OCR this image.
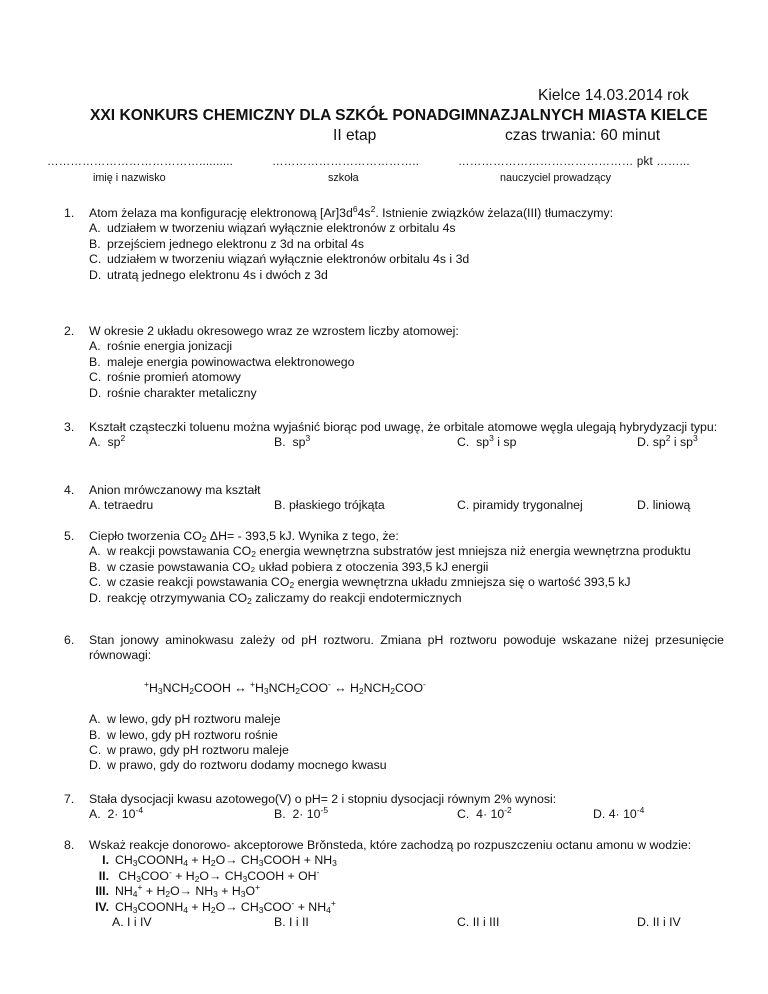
Kielce 14.03.2014 rok
XXI KONKURS CHEMICZNY DLA SZKÓŁ PONADGIMNAZJALNYCH MIASTA KIELCE
II etap	czas trwania: 60 minut
…………………………………..........	………………………………..	……………………………………… pkt ……...
imię i nazwisko	szkoła	nauczyciel prowadzący
1. Atom żelaza ma konfigurację elektronową $[Ar]3d^64s^2$. Istnienie związków żelaza(III) tłumaczymy:
A. udziałem w tworzeniu wiązań wyłącznie elektronów z orbitalu 4s
B. przejściem jednego elektronu z 3d na orbital 4s
C. udziałem w tworzeniu wiązań wyłącznie elektronów orbitalu 4s i 3d
D. utratą jednego elektronu 4s i dwóch z 3d
2. W okresie 2 układu okresowego wraz ze wzrostem liczby atomowej:
A. rośnie energia jonizacji
B. maleje energia powinowactwa elektronowego
C. rośnie promień atomowy
D. rośnie charakter metaliczny
3. Kształt cząsteczki toluenu można wyjaśnić biorąc pod uwagę, że orbitale atomowe węgla ulegają hybrydyzacji typu:
A.  $sp^2$	B.  $sp^3$	C.  $sp^3$ i sp	D. $sp^2$ i $sp^3$
4. Anion mrówczanowy ma kształt
A. tetraedru	B. płaskiego trójkąta	C. piramidy trygonalnej	D. liniową
5. Ciepło tworzenia $CO_2$ ΔH= - 393,5 kJ. Wynika z tego, że:
A. w reakcji powstawania $CO_2$ energia wewnętrzna substratów jest mniejsza niż energia wewnętrzna produktu
B. w czasie powstawania CO₂ układ pobiera z otoczenia 393,5 kJ energii
C. w czasie reakcji powstawania $CO_2$ energia wewnętrzna układu zmniejsza się o wartość 393,5 kJ
D. reakcję otrzymywania $CO_2$ zaliczamy do reakcji endotermicznych
6. Stan jonowy aminokwasu zależy od pH roztworu. Zmiana pH roztworu powoduje wskazane niżej przesunięcie równowagi:
$^+H_3NCH_2COOH$ ↔ $^+H_3NCH_2COO^-$ ↔ $H_2NCH_2COO^-$
A. w lewo, gdy pH roztworu maleje
B. w lewo, gdy pH roztworu rośnie
C. w prawo, gdy pH roztworu maleje
D. w prawo, gdy do roztworu dodamy mocnego kwasu
7. Stała dysocjacji kwasu azotowego(V) o pH= 2 i stopniu dysocjacji równym 2% wynosi:
A.  $2\cdot 10^{-4}$	B.  $2\cdot 10^{-5}$	C.  $4\cdot 10^{-2}$	D. $4\cdot 10^{-4}$
8. Wskaż reakcje donorowo- akceptorowe Brǒnsteda, które zachodzą po rozpuszczeniu octanu amonu w wodzie:
I. $CH_3COONH_4 + H_2O\to$ $CH_3COOH + NH_3$
II. $CH_3COO^- + H_2O\to$ $CH_3COOH + OH^-$
III. $NH_4^+ + H_2O\to NH_3 + H_3O^+$
IV. $CH_3COONH_4 + H_2O\to CH_3COO^- + NH_4^+$
A. I i IV	B. I i II	C. II i III	D. II i IV
